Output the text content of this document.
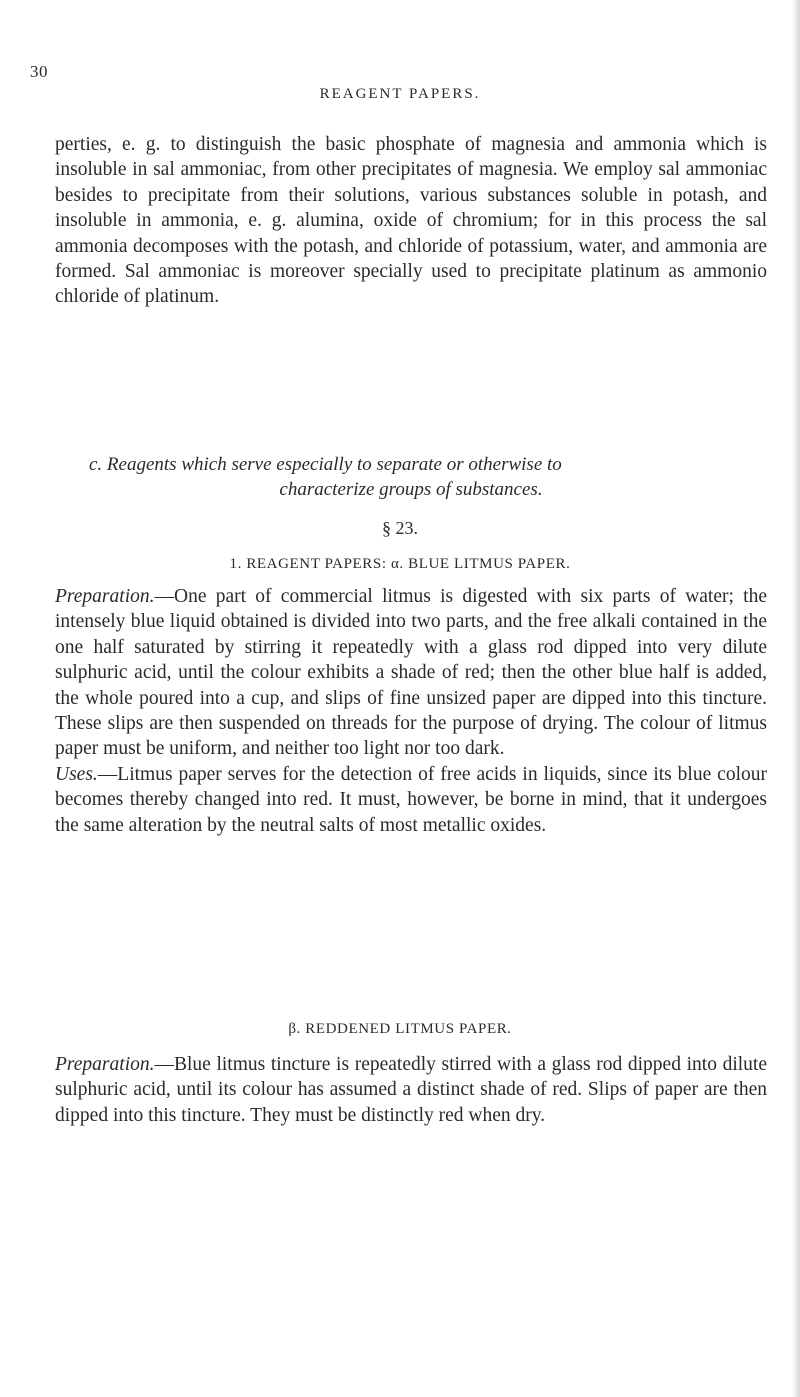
30
REAGENT PAPERS.

perties, e. g. to distinguish the basic phosphate of magnesia and ammonia which is insoluble in sal ammoniac, from other precipitates of magnesia. We employ sal ammoniac besides to precipitate from their solutions, various substances soluble in potash, and insoluble in ammonia, e. g. alumina, oxide of chromium; for in this process the sal ammonia decomposes with the potash, and chloride of potassium, water, and ammonia are formed. Sal ammoniac is moreover specially used to precipitate platinum as ammonio chloride of platinum.

c. Reagents which serve especially to separate or otherwise to
characterize groups of substances.
§ 23.
1. REAGENT PAPERS: α. BLUE LITMUS PAPER.

Preparation.—One part of commercial litmus is digested with six parts of water; the intensely blue liquid obtained is divided into two parts, and the free alkali contained in the one half saturated by stirring it repeatedly with a glass rod dipped into very dilute sulphuric acid, until the colour exhibits a shade of red; then the other blue half is added, the whole poured into a cup, and slips of fine unsized paper are dipped into this tincture. These slips are then suspended on threads for the purpose of drying. The colour of litmus paper must be uniform, and neither too light nor too dark.

Uses.—Litmus paper serves for the detection of free acids in liquids, since its blue colour becomes thereby changed into red. It must, however, be borne in mind, that it undergoes the same alteration by the neutral salts of most metallic oxides.

β. REDDENED LITMUS PAPER.

Preparation.—Blue litmus tincture is repeatedly stirred with a glass rod dipped into dilute sulphuric acid, until its colour has assumed a distinct shade of red. Slips of paper are then dipped into this tincture. They must be distinctly red when dry.
